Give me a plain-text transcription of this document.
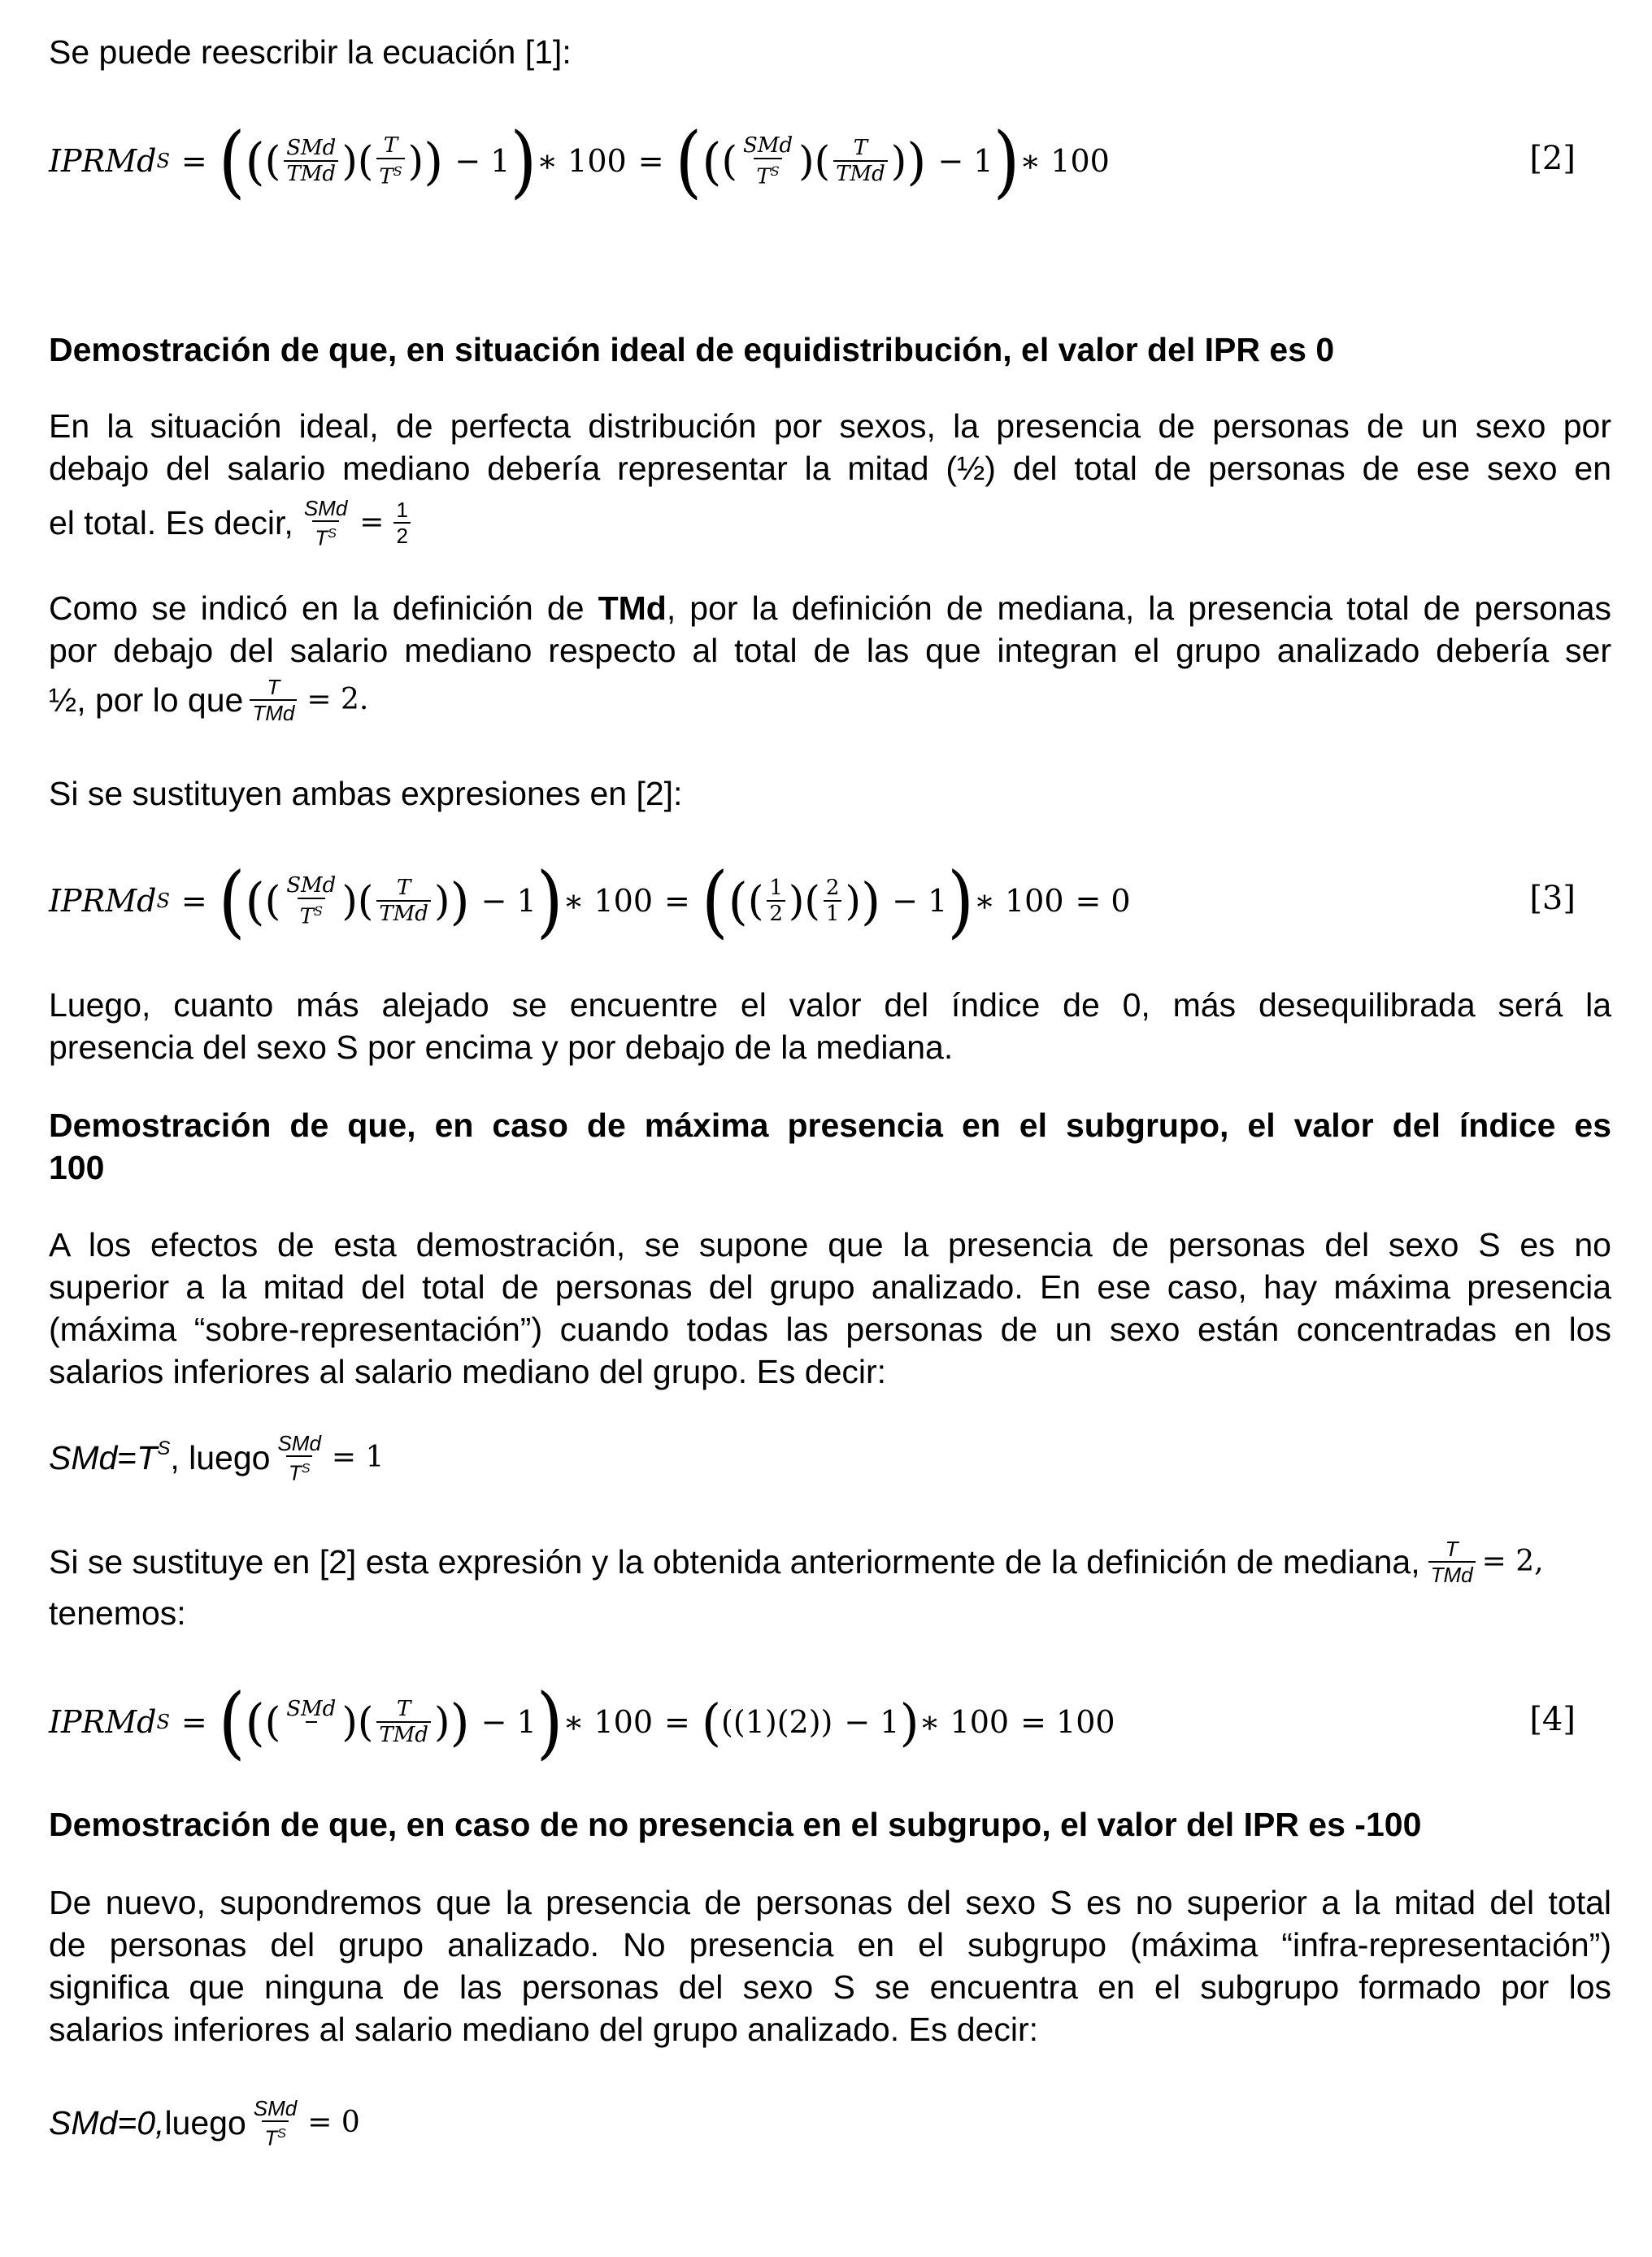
Se puede reescribir la ecuación [1]:
IPRMd S = ( ( ( $\frac{\text{SMd}}{\text{TMd}}$ ) ( $\frac{T}{T^S}$ ) ) − 1 ) ∗ 100 = ( ( ( $\frac{\text{SMd}}{T^S}$ ) ( $\frac{T}{\text{TMd}}$ ) ) − 1 ) ∗ 100	[2]
Demostración de que, en situación ideal de equidistribución, el valor del IPR es 0
En la situación ideal, de perfecta distribución por sexos, la presencia de personas de un sexo por
debajo del salario mediano debería representar la mitad (½) del total de personas de ese sexo en
el total. Es decir, $\frac{\text{SMd}}{T^S} = \frac{1}{2}$
Como se indicó en la definición de TMd, por la definición de mediana, la presencia total de personas
por debajo del salario mediano respecto al total de las que integran el grupo analizado debería ser
½, por lo que $\frac{T}{\text{TMd}} = 2$.
Si se sustituyen ambas expresiones en [2]:
IPRMd S = ( ( ( $\frac{\text{SMd}}{T^S}$ ) ( $\frac{T}{\text{TMd}}$ ) ) − 1 ) ∗ 100 = ( ( ( $\frac{1}{2}$ ) ( $\frac{2}{1}$ ) ) − 1 ) ∗ 100 = 0	[3]
Luego, cuanto más alejado se encuentre el valor del índice de 0, más desequilibrada será la
presencia del sexo S por encima y por debajo de la mediana.
Demostración de que, en caso de máxima presencia en el subgrupo, el valor del índice es
100
A los efectos de esta demostración, se supone que la presencia de personas del sexo S es no
superior a la mitad del total de personas del grupo analizado. En ese caso, hay máxima presencia
(máxima “sobre-representación”) cuando todas las personas de un sexo están concentradas en los
salarios inferiores al salario mediano del grupo. Es decir:
SMd = $T^S$ , luego $\frac{\text{SMd}}{T^S} = 1$
Si se sustituye en [2] esta expresión y la obtenida anteriormente de la definición de mediana, $\frac{T}{\text{TMd}} = 2$,
tenemos:
IPRMd S = ( ( ( SMd
) ( $\frac{T}{\text{TMd}}$ ) ) − 1 ) ∗ 100 = ( ((1)(2)) − 1 ) ∗ 100 = 100	[4]
Demostración de que, en caso de no presencia en el subgrupo, el valor del IPR es -100
De nuevo, supondremos que la presencia de personas del sexo S es no superior a la mitad del total
de personas del grupo analizado. No presencia en el subgrupo (máxima “infra-representación”)
significa que ninguna de las personas del sexo S se encuentra en el subgrupo formado por los
salarios inferiores al salario mediano del grupo analizado. Es decir:
SMd=0, luego $\frac{\text{SMd}}{T^S} = 0$
